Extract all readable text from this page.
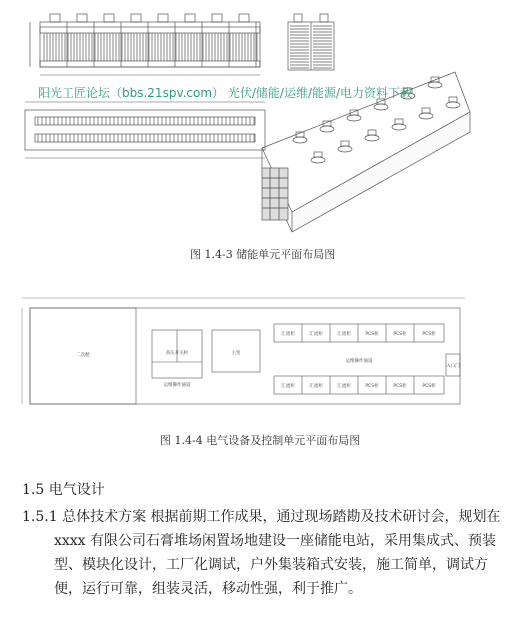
阳光工匠论坛（bbs.21spv.com） 光伏/储能/运维/能源/电力资料下载
图 1.4-3 储能单元平面布局图
二次舱	高压开关柜	主变
运维操作通道
运维操作通道
入口门
汇流柜	汇流柜	汇流柜	PCS柜	PCS柜	PCS柜
汇流柜	汇流柜	汇流柜	PCS柜	PCS柜	PCS柜
图 1.4-4 电气设备及控制单元平面布局图
1.5 电气设计
1.5.1 总体技术方案 根据前期工作成果，通过现场踏勘及技术研讨会，规划在
xxxx 有限公司石膏堆场闲置场地建设一座储能电站，采用集成式、预装
型、模块化设计，工厂化调试，户外集装箱式安装，施工简单，调试方
便，运行可靠，组装灵活，移动性强，利于推广。
